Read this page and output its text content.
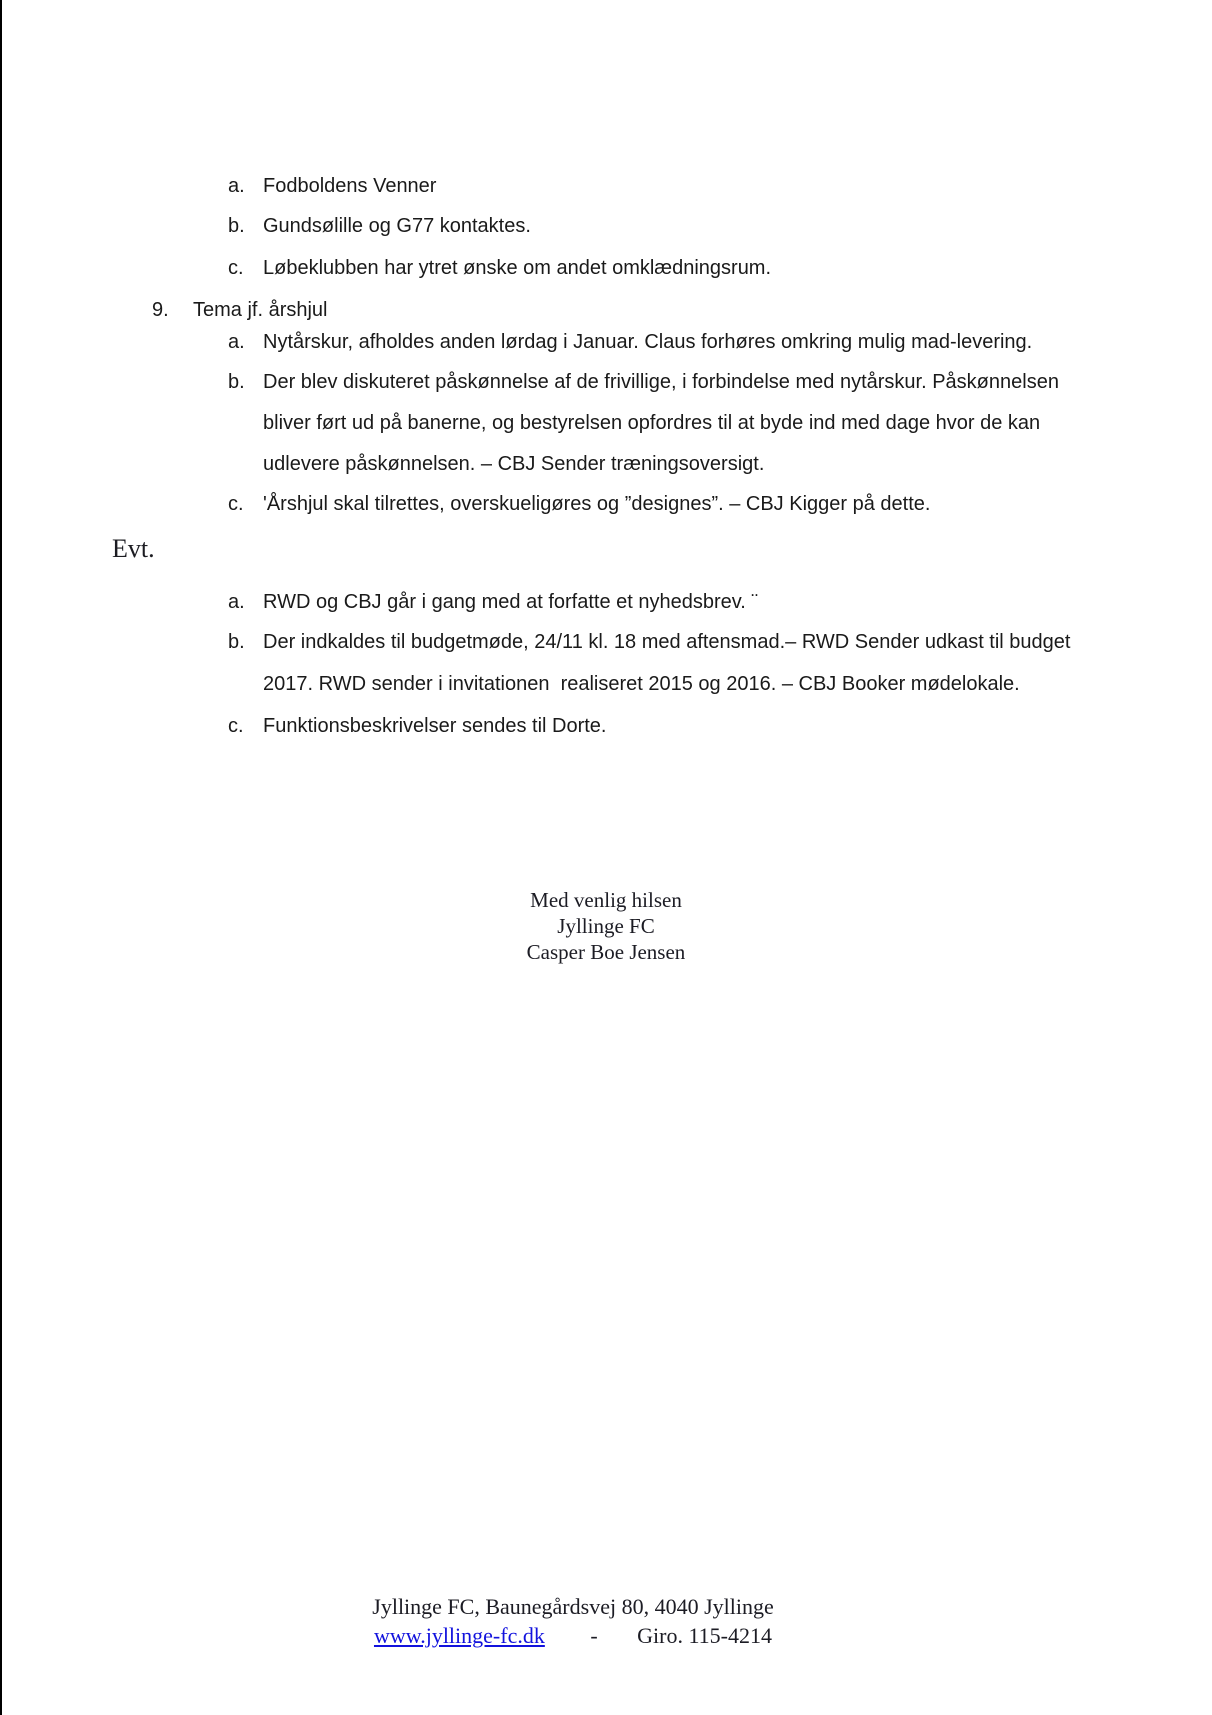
a. Fodboldens Venner
b. Gundsølille og G77 kontaktes.
c. Løbeklubben har ytret ønske om andet omklædningsrum.
9. Tema jf. årshjul
a. Nytårskur, afholdes anden lørdag i Januar. Claus forhøres omkring mulig mad-levering.
b. Der blev diskuteret påskønnelse af de frivillige, i forbindelse med nytårskur. Påskønnelsen
bliver ført ud på banerne, og bestyrelsen opfordres til at byde ind med dage hvor de kan
udlevere påskønnelsen. – CBJ Sender træningsoversigt.
c. 'Årshjul skal tilrettes, overskueligøres og ”designes”. – CBJ Kigger på dette.
Evt.
a. RWD og CBJ går i gang med at forfatte et nyhedsbrev. ¨
b. Der indkaldes til budgetmøde, 24/11 kl. 18 med aftensmad.– RWD Sender udkast til budget
2017. RWD sender i invitationen  realiseret 2015 og 2016. – CBJ Booker mødelokale.
c. Funktionsbeskrivelser sendes til Dorte.
Med venlig hilsen
Jyllinge FC
Casper Boe Jensen
Jyllinge FC, Baunegårdsvej 80, 4040 Jyllinge
www.jyllinge-fc.dk - Giro. 115-4214
